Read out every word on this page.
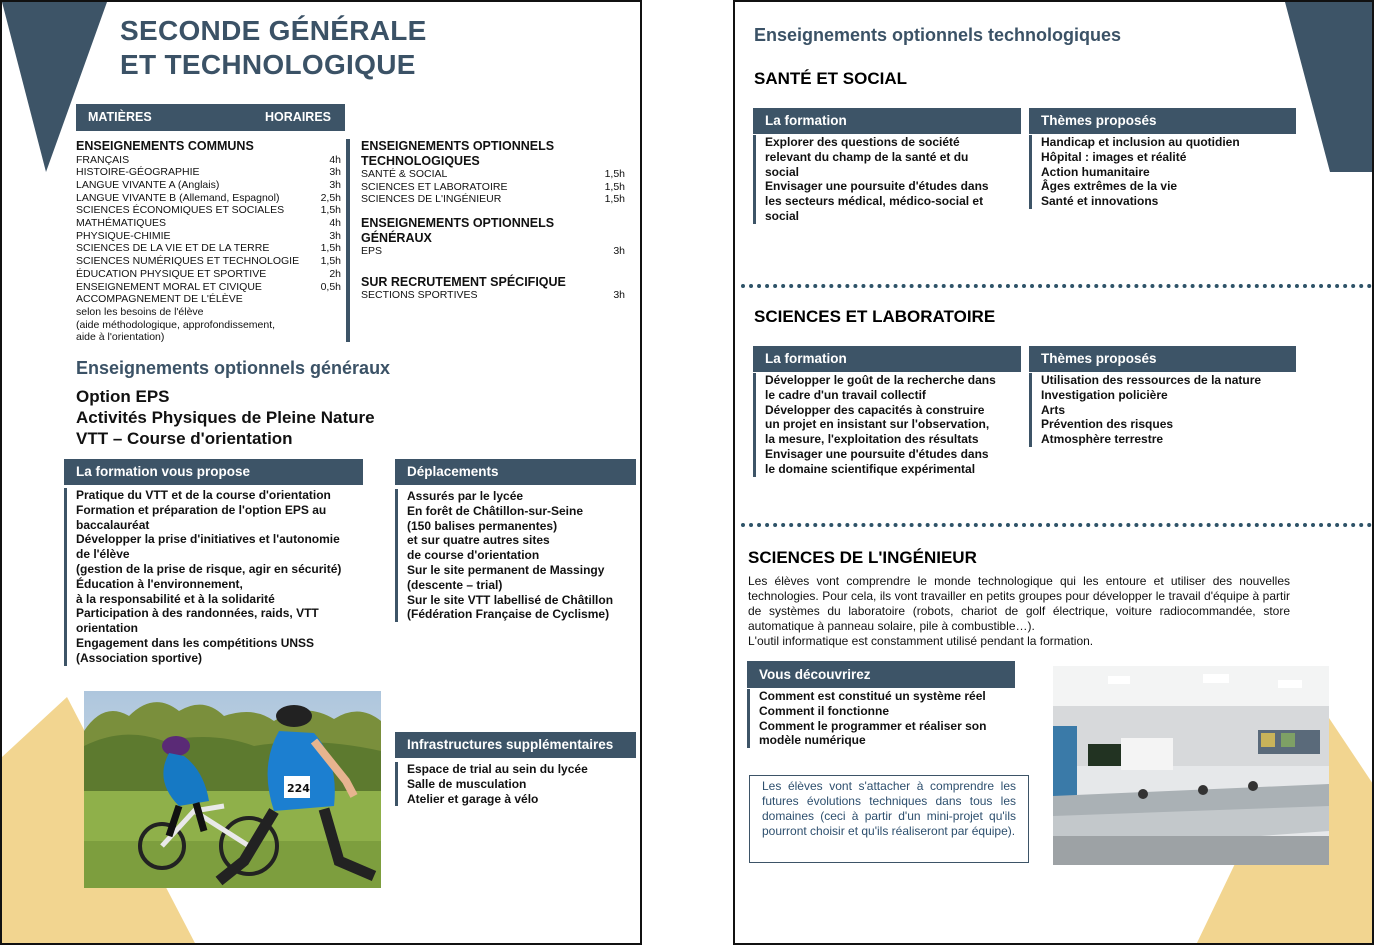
SECONDE GÉNÉRALE
ET TECHNOLOGIQUE
MATIÈRES	HORAIRES
ENSEIGNEMENTS COMMUNS
FRANÇAIS	4h
HISTOIRE-GÉOGRAPHIE	3h
LANGUE VIVANTE A (Anglais)	3h
LANGUE VIVANTE B (Allemand, Espagnol)	2,5h
SCIENCES ÉCONOMIQUES ET SOCIALES	1,5h
MATHÉMATIQUES	4h
PHYSIQUE-CHIMIE	3h
SCIENCES DE LA VIE ET DE LA TERRE	1,5h
SCIENCES NUMÉRIQUES ET TECHNOLOGIE 1,5h
ÉDUCATION PHYSIQUE ET SPORTIVE	2h
ENSEIGNEMENT MORAL ET CIVIQUE	0,5h
ACCOMPAGNEMENT DE L'ÉLÈVE
selon les besoins de l'élève
(aide méthodologique, approfondissement,
aide à l'orientation)
ENSEIGNEMENTS OPTIONNELS
TECHNOLOGIQUES
SANTÉ & SOCIAL	1,5h
SCIENCES ET LABORATOIRE	1,5h
SCIENCES DE L'INGÉNIEUR	1,5h
ENSEIGNEMENTS OPTIONNELS GÉNÉRAUX
EPS	3h
SUR RECRUTEMENT SPÉCIFIQUE
SECTIONS SPORTIVES	3h
Enseignements optionnels généraux
Option EPS
Activités Physiques de Pleine Nature
VTT – Course d'orientation
La formation vous propose
Pratique du VTT et de la course d'orientation
Formation et préparation de l'option EPS au
baccalauréat
Développer la prise d'initiatives et l'autonomie
de l'élève
(gestion de la prise de risque, agir en sécurité)
Éducation à l'environnement,
à la responsabilité et à la solidarité
Participation à des randonnées, raids, VTT
orientation
Engagement dans les compétitions UNSS
(Association sportive)
Déplacements
Assurés par le lycée
En forêt de Châtillon-sur-Seine
(150 balises permanentes)
et sur quatre autres sites
de course d'orientation
Sur le site permanent de Massingy
(descente – trial)
Sur le site VTT labellisé de Châtillon
(Fédération Française de Cyclisme)
Infrastructures supplémentaires
Espace de trial au sein du lycée
Salle de musculation
Atelier et garage à vélo
224
Enseignements optionnels technologiques
SANTÉ ET SOCIAL
La formation
Explorer des questions de société
relevant du champ de la santé et du
social
Envisager une poursuite d'études dans
les secteurs médical, médico-social et
social
Thèmes proposés
Handicap et inclusion au quotidien
Hôpital : images et réalité
Action humanitaire
Âges extrêmes de la vie
Santé et innovations
SCIENCES ET LABORATOIRE
La formation
Développer le goût de la recherche dans
le cadre d'un travail collectif
Développer des capacités à construire
un projet en insistant sur l'observation,
la mesure, l'exploitation des résultats
Envisager une poursuite d'études dans
le domaine scientifique expérimental
Thèmes proposés
Utilisation des ressources de la nature
Investigation policière
Arts
Prévention des risques
Atmosphère terrestre
SCIENCES DE L'INGÉNIEUR
Les élèves vont comprendre le monde technologique qui les entoure et utiliser des nouvelles technologies. Pour cela, ils vont travailler en petits groupes pour développer le travail d'équipe à partir de systèmes du laboratoire (robots, chariot de golf électrique, voiture radiocommandée, store automatique à panneau solaire, pile à combustible…).
L'outil informatique est constamment utilisé pendant la formation.
Vous découvrirez
Comment est constitué un système réel
Comment il fonctionne
Comment le programmer et réaliser son
modèle numérique
Les élèves vont s'attacher à comprendre les futures évolutions techniques dans tous les domaines (ceci à partir d'un mini-projet qu'ils pourront choisir et qu'ils réaliseront par équipe).
